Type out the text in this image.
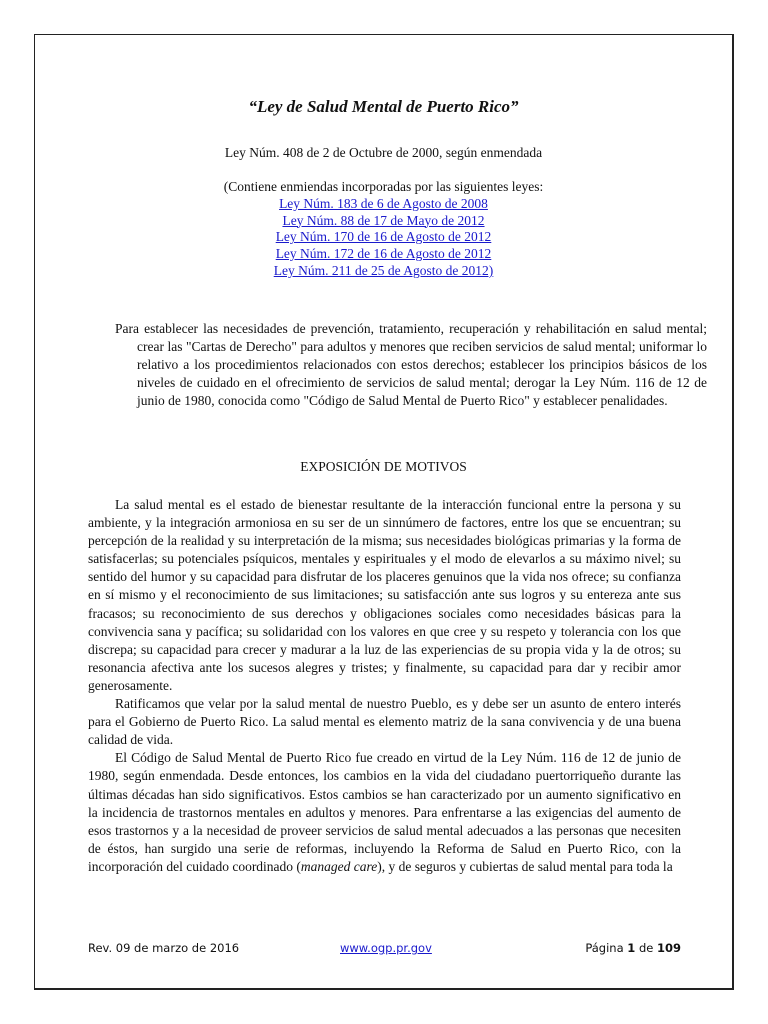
“Ley de Salud Mental de Puerto Rico”
Ley Núm. 408 de 2 de Octubre de 2000, según enmendada
(Contiene enmiendas incorporadas por las siguientes leyes:
Ley Núm. 183 de 6 de Agosto de 2008
Ley Núm. 88 de 17 de Mayo de 2012
Ley Núm. 170 de 16 de Agosto de 2012
Ley Núm. 172 de 16 de Agosto de 2012
Ley Núm. 211 de 25 de Agosto de 2012)
Para establecer las necesidades de prevención, tratamiento, recuperación y rehabilitación en salud mental; crear las "Cartas de Derecho" para adultos y menores que reciben servicios de salud mental; uniformar lo relativo a los procedimientos relacionados con estos derechos; establecer los principios básicos de los niveles de cuidado en el ofrecimiento de servicios de salud mental; derogar la Ley Núm. 116 de 12 de junio de 1980, conocida como "Código de Salud Mental de Puerto Rico" y establecer penalidades.
EXPOSICIÓN DE MOTIVOS

La salud mental es el estado de bienestar resultante de la interacción funcional entre la persona y su ambiente, y la integración armoniosa en su ser de un sinnúmero de factores, entre los que se encuentran; su percepción de la realidad y su interpretación de la misma; sus necesidades biológicas primarias y la forma de satisfacerlas; su potenciales psíquicos, mentales y espirituales y el modo de elevarlos a su máximo nivel; su sentido del humor y su capacidad para disfrutar de los placeres genuinos que la vida nos ofrece; su confianza en sí mismo y el reconocimiento de sus limitaciones; su satisfacción ante sus logros y su entereza ante sus fracasos; su reconocimiento de sus derechos y obligaciones sociales como necesidades básicas para la convivencia sana y pacífica; su solidaridad con los valores en que cree y su respeto y tolerancia con los que discrepa; su capacidad para crecer y madurar a la luz de las experiencias de su propia vida y la de otros; su resonancia afectiva ante los sucesos alegres y tristes; y finalmente, su capacidad para dar y recibir amor generosamente.

Ratificamos que velar por la salud mental de nuestro Pueblo, es y debe ser un asunto de entero interés para el Gobierno de Puerto Rico. La salud mental es elemento matriz de la sana convivencia y de una buena calidad de vida.

El Código de Salud Mental de Puerto Rico fue creado en virtud de la Ley Núm. 116 de 12 de junio de 1980, según enmendada. Desde entonces, los cambios en la vida del ciudadano puertorriqueño durante las últimas décadas han sido significativos. Estos cambios se han caracterizado por un aumento significativo en la incidencia de trastornos mentales en adultos y menores. Para enfrentarse a las exigencias del aumento de esos trastornos y a la necesidad de proveer servicios de salud mental adecuados a las personas que necesiten de éstos, han surgido una serie de reformas, incluyendo la Reforma de Salud en Puerto Rico, con la incorporación del cuidado coordinado (managed care), y de seguros y cubiertas de salud mental para toda la

Rev. 09 de marzo de 2016	www.ogp.pr.gov	Página 1 de 109
